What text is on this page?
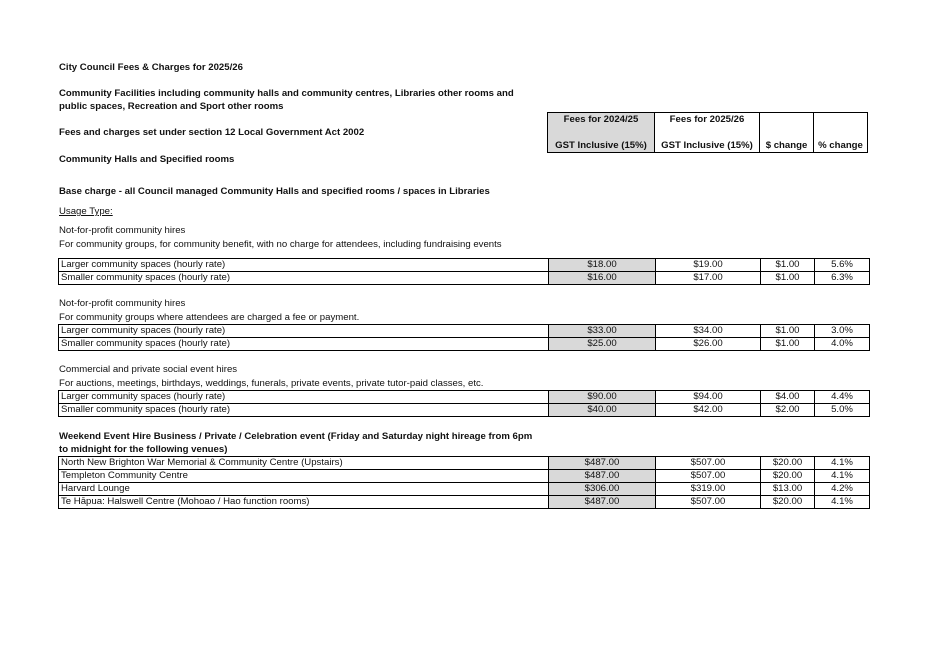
City Council Fees & Charges for 2025/26
Community Facilities including community halls and community centres, Libraries other rooms and public spaces, Recreation and Sport other rooms
Fees and charges set under section 12 Local Government Act 2002
Community Halls and Specified rooms
Fees for 2024/25	Fees for 2025/26
GST Inclusive (15%)	GST Inclusive (15%)	$ change	% change
Base charge - all Council managed Community Halls and specified rooms / spaces in Libraries
Usage Type:
Not-for-profit community hires
For community groups, for community benefit, with no charge for attendees, including fundraising events
Larger community spaces (hourly rate)	$18.00	$19.00	$1.00	5.6%
Smaller community spaces (hourly rate)	$16.00	$17.00	$1.00	6.3%
Not-for-profit community hires
For community groups where attendees are charged a fee or payment.
Larger community spaces (hourly rate)	$33.00	$34.00	$1.00	3.0%
Smaller community spaces (hourly rate)	$25.00	$26.00	$1.00	4.0%
Commercial and private social event hires
For auctions, meetings, birthdays, weddings, funerals, private events, private tutor-paid classes, etc.
Larger community spaces (hourly rate)	$90.00	$94.00	$4.00	4.4%
Smaller community spaces (hourly rate)	$40.00	$42.00	$2.00	5.0%
Weekend Event Hire Business / Private / Celebration event (Friday and Saturday night hireage from 6pm to midnight for the following venues)
North New Brighton War Memorial & Community Centre (Upstairs)	$487.00	$507.00	$20.00	4.1%
Templeton Community Centre	$487.00	$507.00	$20.00	4.1%
Harvard Lounge	$306.00	$319.00	$13.00	4.2%
Te Hāpua: Halswell Centre (Mohoao / Hao function rooms)	$487.00	$507.00	$20.00	4.1%
